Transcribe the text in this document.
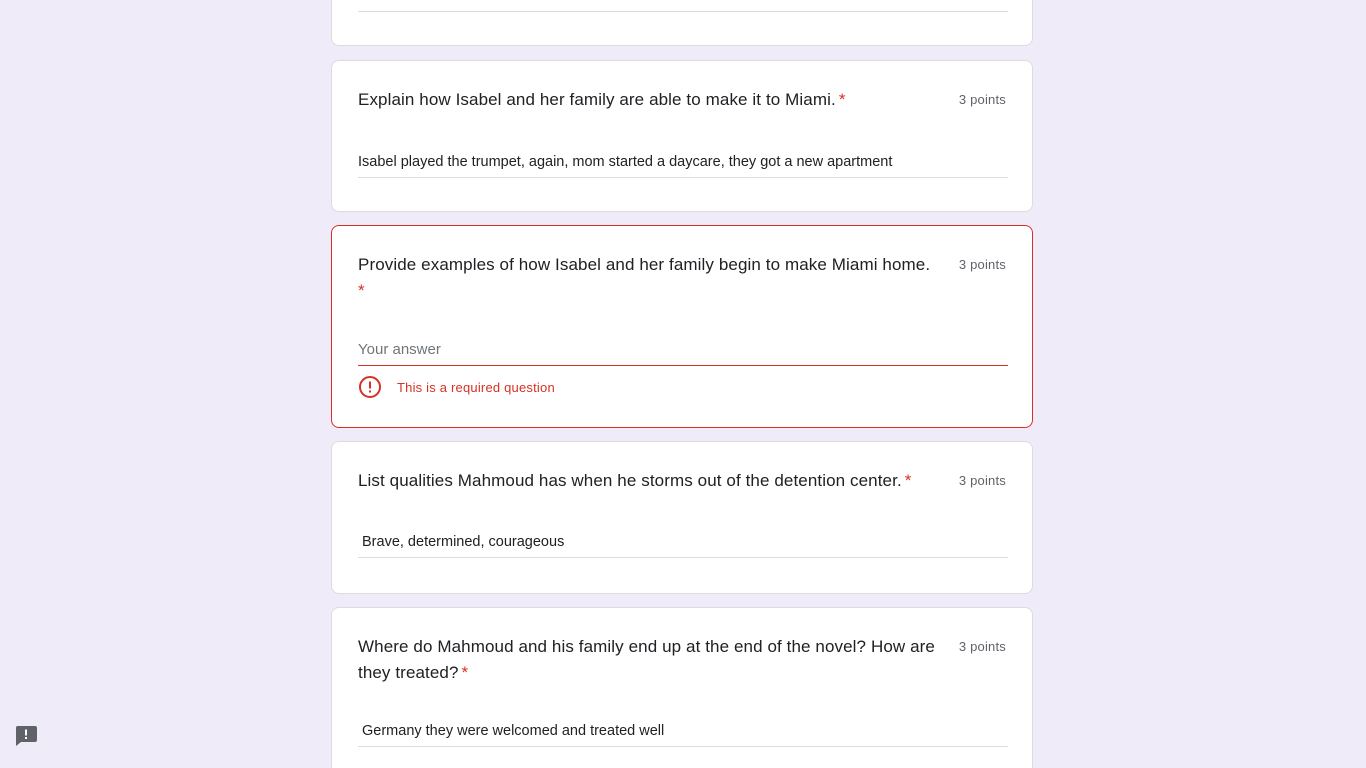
Explain how Isabel and her family are able to make it to Miami. *	3 points
Isabel played the trumpet, again, mom started a daycare, they got a new apartment
Provide examples of how Isabel and her family begin to make Miami home.
*
3 points
Your answer
This is a required question
List qualities Mahmoud has when he storms out of the detention center. *	3 points
Brave, determined, courageous
Where do Mahmoud and his family end up at the end of the novel? How are they treated? *
3 points
Germany they were welcomed and treated well
